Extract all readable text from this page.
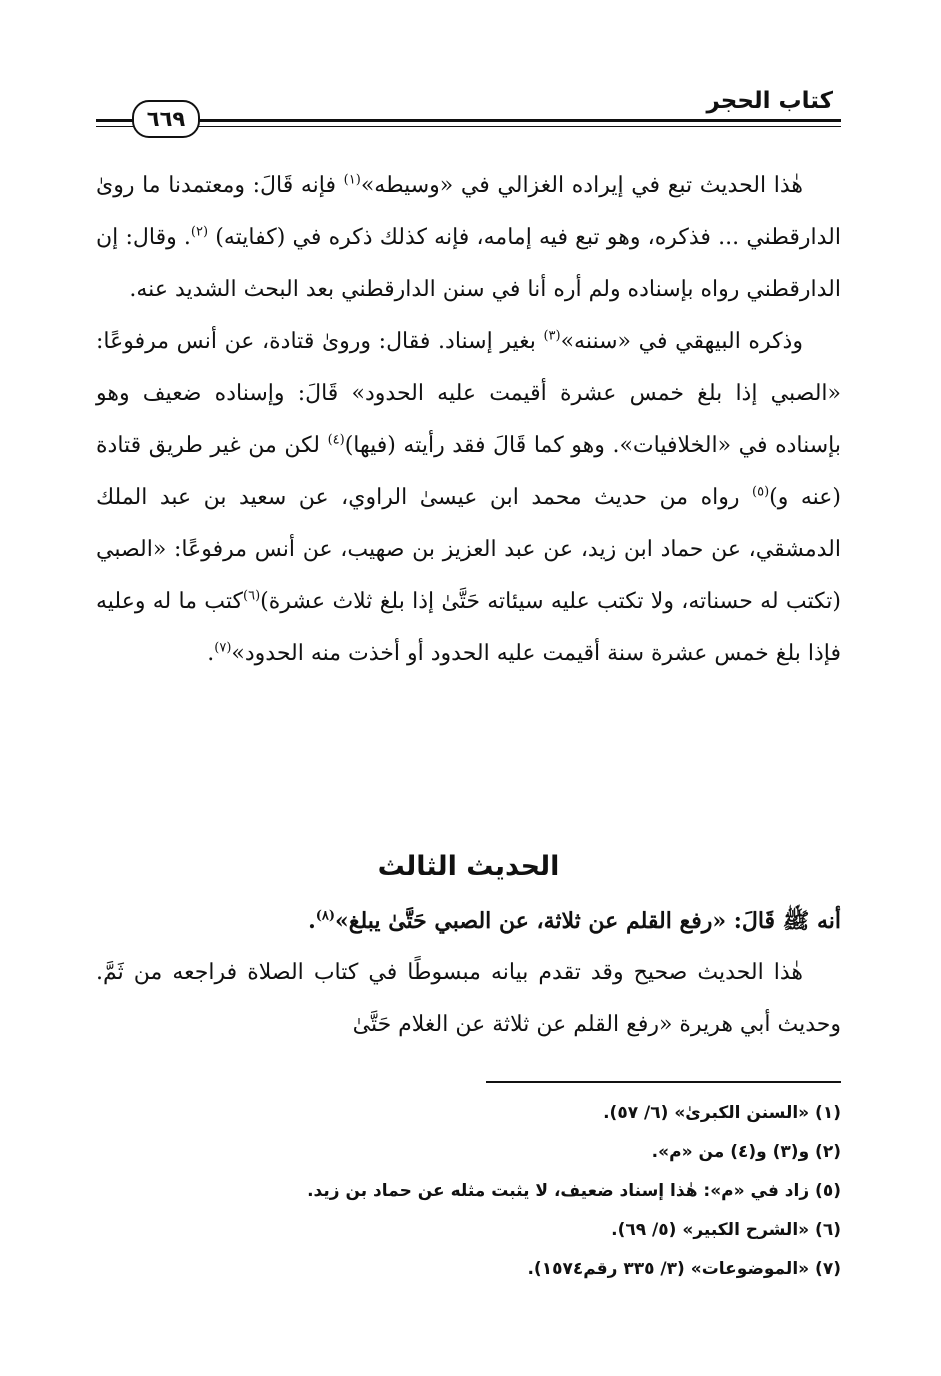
كتاب الحجر
٦٦٩

هٰذا الحديث تبع في إيراده الغزالي في «وسيطه»$^{(١)}$ فإنه قَالَ: ومعتمدنا ما رویٰ الدارقطني ... فذكره، وهو تبع فيه إمامه، فإنه كذلك ذكره في (كفايته) $^{(٢)}$. وقال: إن الدارقطني رواه بإسناده ولم أره أنا في سنن الدارقطني بعد البحث الشديد عنه.

وذكره البيهقي في «سننه»$^{(٣)}$ بغير إسناد. فقال: وروىٰ قتادة، عن أنس مرفوعًا: «الصبي إذا بلغ خمس عشرة أقيمت عليه الحدود» قَالَ: وإسناده ضعيف وهو بإسناده في «الخلافيات». وهو كما قَالَ فقد رأيته (فيها)$^{(٤)}$ لكن من غير طريق قتادة (عنه و)$^{(٥)}$ رواه من حديث محمد ابن عيسىٰ الراوي، عن سعيد بن عبد الملك الدمشقي، عن حماد ابن زيد، عن عبد العزيز بن صهيب، عن أنس مرفوعًا: «الصبي (تكتب له حسناته، ولا تكتب عليه سيئاته حَتَّىٰ إذا بلغ ثلاث عشرة)$^{(٦)}$كتب ما له وعليه فإذا بلغ خمس عشرة سنة أقيمت عليه الحدود أو أخذت منه الحدود»$^{(٧)}$.

الحديث الثالث

أنه ﷺ قَالَ: «رفع القلم عن ثلاثة، عن الصبي حَتَّىٰ يبلغ»$^{(٨)}$.

هٰذا الحديث صحيح وقد تقدم بيانه مبسوطًا في كتاب الصلاة فراجعه من ثَمَّ. وحديث أبي هريرة «رفع القلم عن ثلاثة عن الغلام حَتَّىٰ

(١) «السنن الكبرىٰ» (٦/ ٥٧).

(٢) و(٣) و(٤) من «م».

(٥) زاد في «م»: هٰذا إسناد ضعيف، لا يثبت مثله عن حماد بن زيد.

(٦) «الشرح الكبير» (٥/ ٦٩).

(٧) «الموضوعات» (٣/ ٣٣٥ رقم١٥٧٤).
